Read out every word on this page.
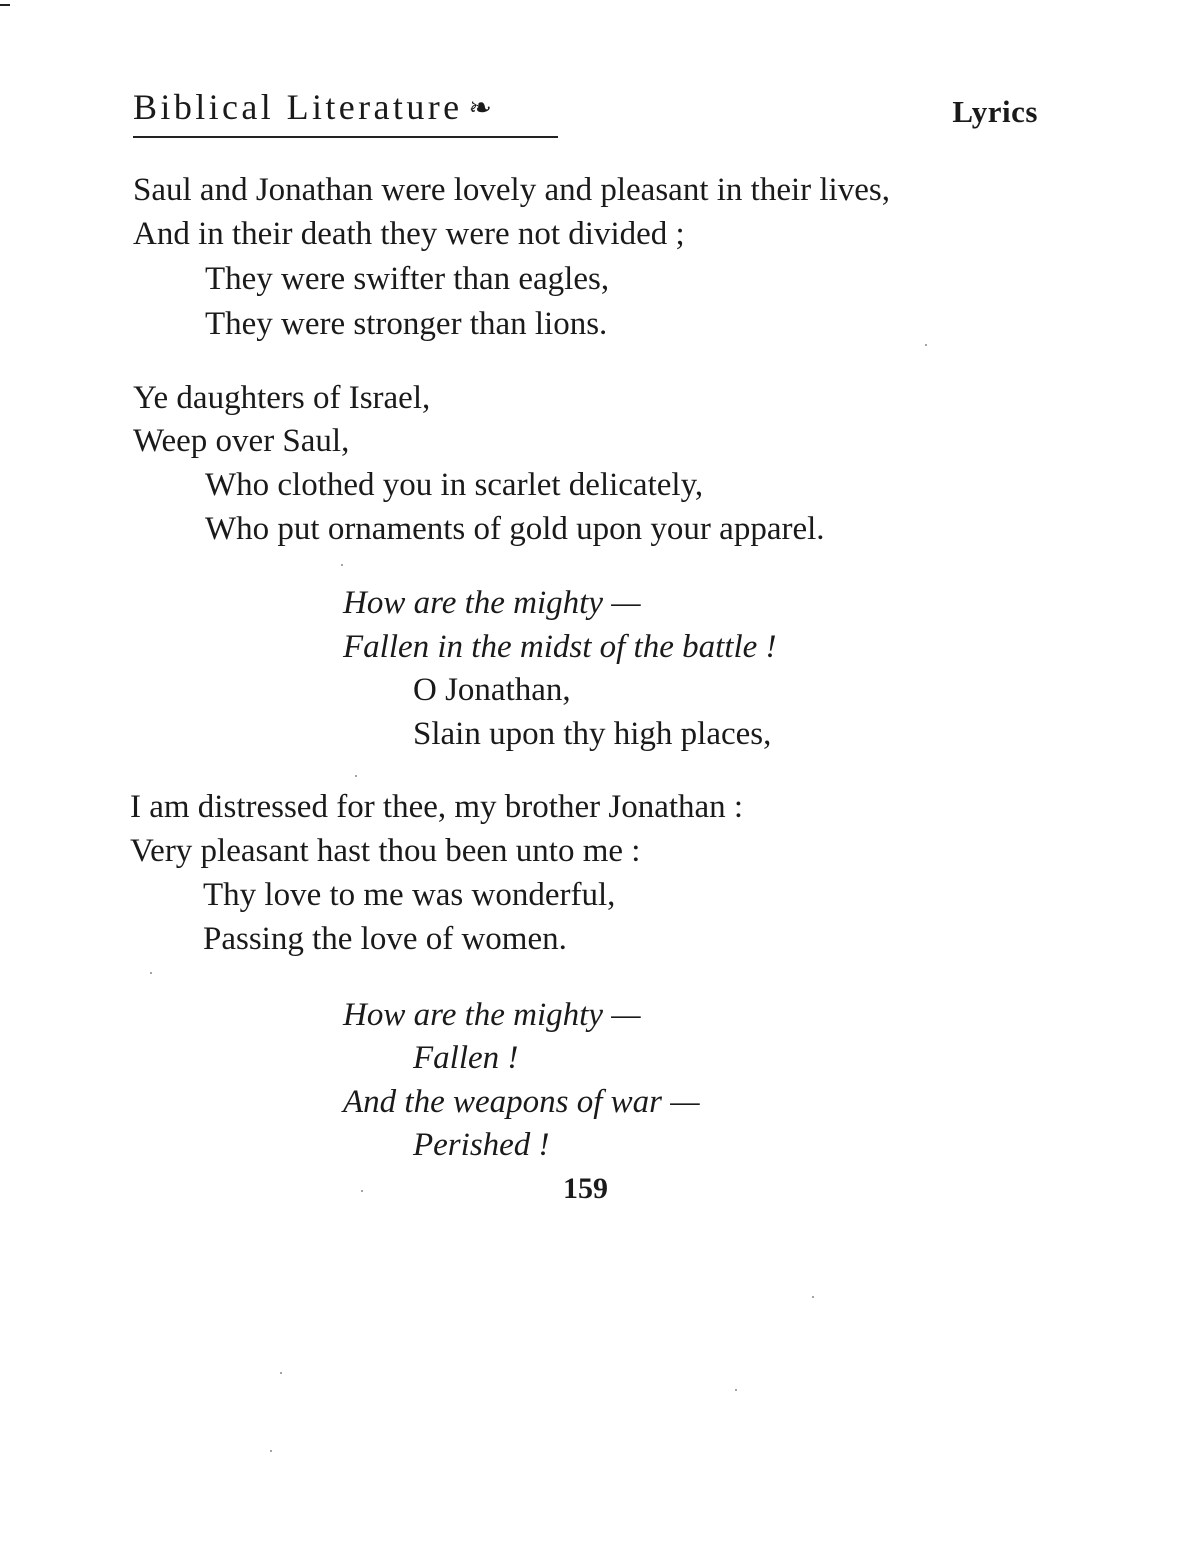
Biblical Literature ❧	Lyrics
Saul and Jonathan were lovely and pleasant in their lives,
And in their death they were not divided ;
They were swifter than eagles,
They were stronger than lions.
Ye daughters of Israel,
Weep over Saul,
Who clothed you in scarlet delicately,
Who put ornaments of gold upon your apparel.
How are the mighty —
Fallen in the midst of the battle !
O Jonathan,
Slain upon thy high places,
I am distressed for thee, my brother Jonathan :
Very pleasant hast thou been unto me :
Thy love to me was wonderful,
Passing the love of women.
How are the mighty —
Fallen !
And the weapons of war —
Perished !
159
